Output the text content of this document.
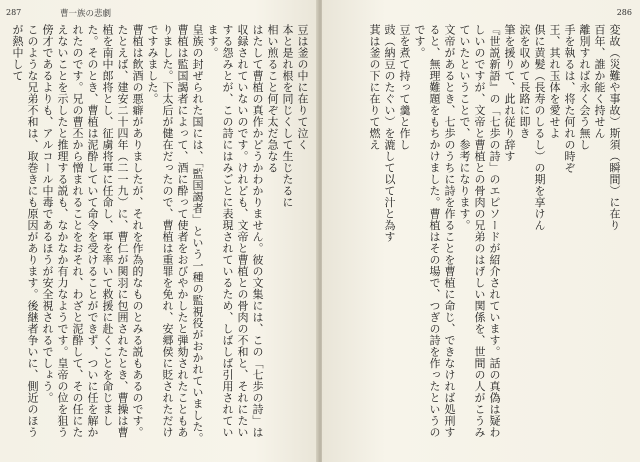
287	曹一族の悲劇

豆は釜の中に在りて泣く

本と是れ根を同じくして生じたるに

相い煎ること何ぞ太だ急なる

はたして曹植の真作かどうかわかりません。彼の文集には、この「七歩の詩」は収録されていないのです。けれども、文帝と曹植との骨肉の不和と、それにたいする怨みとが、この詩にはみごとに表現されているため、しばしば引用されています。

皇族の封ぜられた国には、「監国謁者」という一種の監視役がおかれていました。曹植は監国謁者によって、酒に酔って使者をおびやかしたと弾劾されたこともありました。下太后が健在だったので、曹植は重罪を免れ、安郷侯に貶されただけですみました。

曹植は飲酒の悪癖がありましたが、それを作為的なものとみる説もあるのです。たとえば、建安二十四年（二一九）に、曹仁が関羽に包囲されたとき、曹操は曹植を南中郎将とし、征虜将軍に任命し、軍を率いて救援に赴くことを命じました。そのとき、曹植は泥酔していて命令を受けることができず、ついに任を解かれたのです。兄の曹丕から憎まれることをおそれ、わざと泥酔して、その任にたえないことを示したと推理する説も、なかなか有力なようです。皇帝の位を狙う傍才であるよりも、アルコール中毒であるほうが安全視されるでしょう。

このような兄弟不和は、取巻きにも原因があります。後継者争いに、側近のほうが熱中して

286

変故（災難や事故）斯須（瞬間）に在り

百年、誰か能く持せん

離別すれば永く会う無し

手を執るは、将た何れの時ぞ

王、其れ玉体を愛せよ

倶に黄髪（長寿のしるし）の期を享けん

涙を収めて長路に即き

筆を援りて、此れ従り辞す

『世説新語』の「七歩の詩」のエピソードが紹介されています。話の真偽は疑わしいのですが、文帝と曹植との骨肉の兄弟のはげしい関係を、世間の人がこうみていたということで、参考になります。

文帝があるとき、七歩のうちに詩を作ることを曹植に命じ、できなければ処刑すると、無理難題をもちかけました。曹植はその場で、つぎの詩を作ったというのです。

豆を煮て持って羹と作し

豉（納豆のたぐい）を漉して以て汁と為す

萁は釜の下に在りて燃え
